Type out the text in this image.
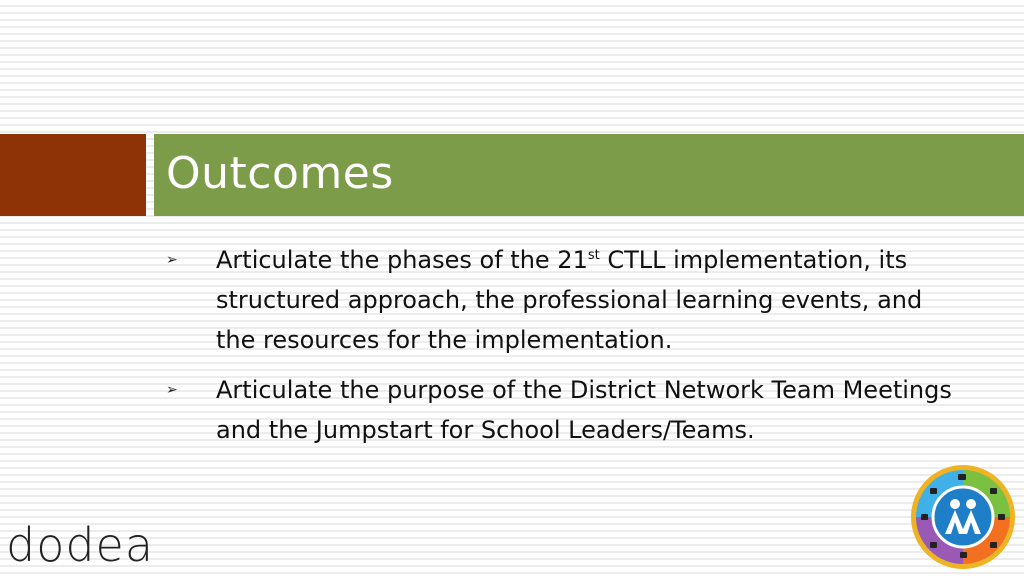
Outcomes
➢ Articulate the phases of the 21st CTLL implementation, its structured approach, the professional learning events, and the resources for the implementation.
➢ Articulate the purpose of the District Network Team Meetings and the Jumpstart for School Leaders/Teams.
dodea
